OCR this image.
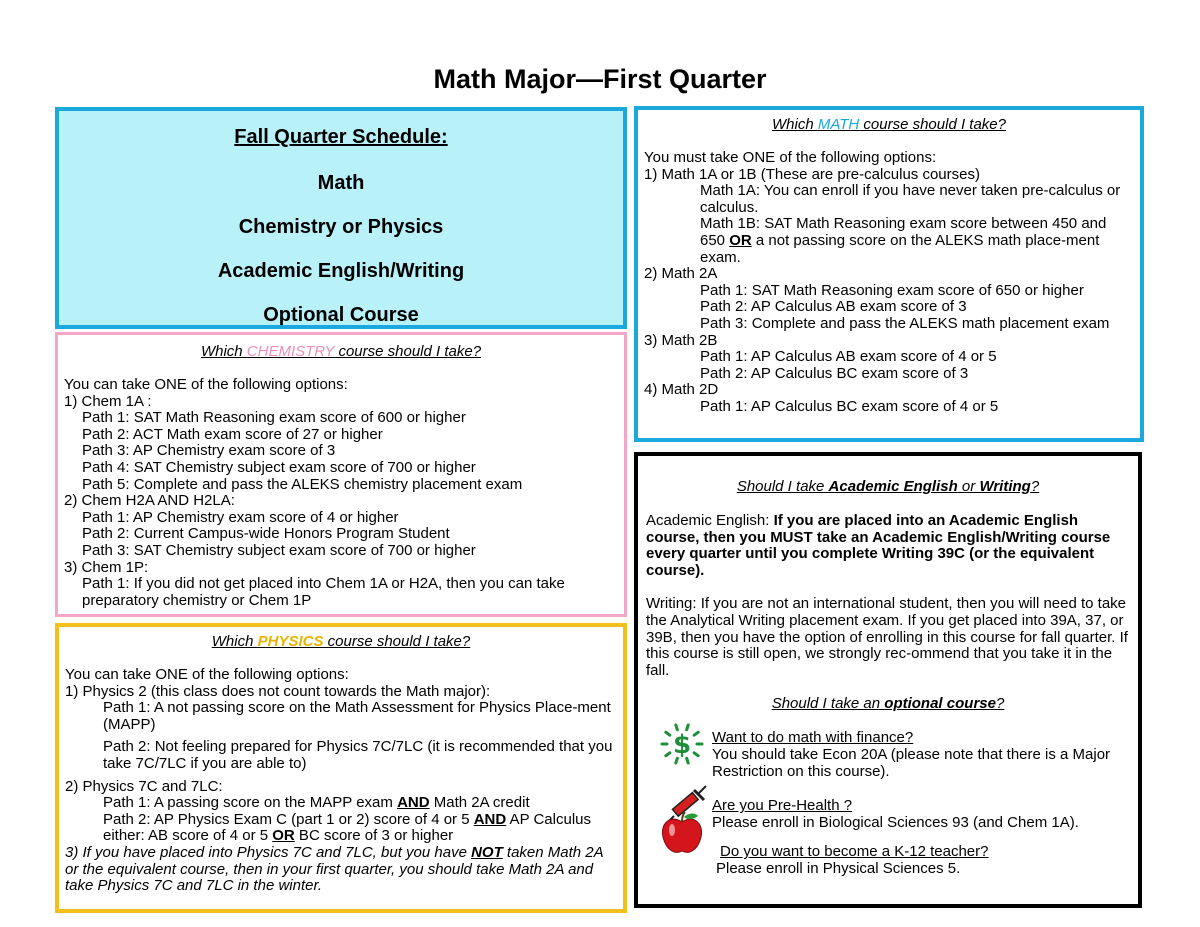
Math Major—First Quarter
Fall Quarter Schedule:
Math
Chemistry or Physics
Academic English/Writing
Optional Course

Which CHEMISTRY course should I take?

You can take ONE of the following options:

1) Chem 1A :

Path 1: SAT Math Reasoning exam score of 600 or higher

Path 2: ACT Math exam score of 27 or higher

Path 3: AP Chemistry exam score of 3

Path 4: SAT Chemistry subject exam score of 700 or higher

Path 5: Complete and pass the ALEKS chemistry placement exam

2) Chem H2A AND H2LA:

Path 1: AP Chemistry exam score of 4 or higher

Path 2: Current Campus-wide Honors Program Student

Path 3: SAT Chemistry subject exam score of 700 or higher

3) Chem 1P:

Path 1: If you did not get placed into Chem 1A or H2A, then you can take preparatory chemistry or Chem 1P

Which PHYSICS course should I take?

You can take ONE of the following options:

1) Physics 2 (this class does not count towards the Math major):

Path 1: A not passing score on the Math Assessment for Physics Place-ment (MAPP)

Path 2: Not feeling prepared for Physics 7C/7LC (it is recommended that you take 7C/7LC if you are able to)

2) Physics 7C and 7LC:

Path 1: A passing score on the MAPP exam AND Math 2A credit

Path 2: AP Physics Exam C (part 1 or 2) score of 4 or 5 AND AP Calculus either: AB score of 4 or 5 OR BC score of 3 or higher

3) If you have placed into Physics 7C and 7LC, but you have NOT taken Math 2A or the equivalent course, then in your first quarter, you should take Math 2A and take Physics 7C and 7LC in the winter.

Which MATH course should I take?

You must take ONE of the following options:

1) Math 1A or 1B (These are pre-calculus courses)

Math 1A: You can enroll if you have never taken pre-calculus or calculus.

Math 1B: SAT Math Reasoning exam score between 450 and 650 OR a not passing score on the ALEKS math place-ment exam.

2) Math 2A

Path 1: SAT Math Reasoning exam score of 650 or higher

Path 2: AP Calculus AB exam score of 3

Path 3: Complete and pass the ALEKS math placement exam

3) Math 2B

Path 1: AP Calculus AB exam score of 4 or 5

Path 2: AP Calculus BC exam score of 3

4) Math 2D

Path 1: AP Calculus BC exam score of 4 or 5

Should I take Academic English or Writing?

Academic English: If you are placed into an Academic English course, then you MUST take an Academic English/Writing course every quarter until you complete Writing 39C (or the equivalent course).

Writing: If you are not an international student, then you will need to take the Analytical Writing placement exam. If you get placed into 39A, 37, or 39B, then you have the option of enrolling in this course for fall quarter. If this course is still open, we strongly rec-ommend that you take it in the fall.

Should I take an optional course?

$ Want to do math with finance?

You should take Econ 20A (please note that there is a Major Restriction on this course).

Are you Pre-Health ?

Please enroll in Biological Sciences 93 (and Chem 1A).

Do you want to become a K-12 teacher?

Please enroll in Physical Sciences 5.
